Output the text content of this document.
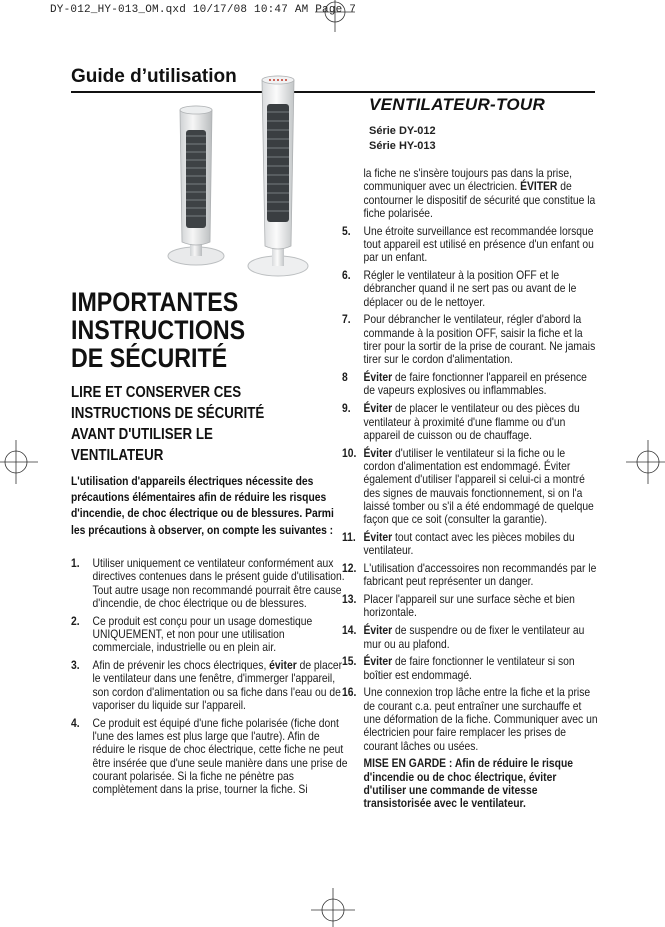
DY-012_HY-013_OM.qxd 10/17/08 10:47 AM Page 7
Guide d’utilisation
VENTILATEUR-TOUR
Série DY-012
Série HY-013
IMPORTANTES
INSTRUCTIONS
DE SÉCURITÉ
LIRE ET CONSERVER CES
INSTRUCTIONS DE SÉCURITÉ
AVANT D'UTILISER LE
VENTILATEUR
L'utilisation d'appareils électriques nécessite des précautions élémentaires afin de réduire les risques d'incendie, de choc électrique ou de blessures. Parmi les précautions à observer, on compte les suivantes :
1. Utiliser uniquement ce ventilateur conformément aux directives contenues dans le présent guide d'utilisation. Tout autre usage non recommandé pourrait être cause d'incendie, de choc électrique ou de blessures.
2. Ce produit est conçu pour un usage domestique UNIQUEMENT, et non pour une utilisation commerciale, industrielle ou en plein air.
3. Afin de prévenir les chocs électriques, éviter de placer le ventilateur dans une fenêtre, d'immerger l'appareil, son cordon d'alimentation ou sa fiche dans l'eau ou de vaporiser du liquide sur l'appareil.
4. Ce produit est équipé d'une fiche polarisée (fiche dont l'une des lames est plus large que l'autre). Afin de réduire le risque de choc électrique, cette fiche ne peut être insérée que d'une seule manière dans une prise de courant polarisée. Si la fiche ne pénètre pas complètement dans la prise, tourner la fiche. Si
la fiche ne s'insère toujours pas dans la prise, communiquer avec un électricien. ÉVITER de contourner le dispositif de sécurité que constitue la fiche polarisée.
5. Une étroite surveillance est recommandée lorsque tout appareil est utilisé en présence d'un enfant ou par un enfant.
6. Régler le ventilateur à la position OFF et le débrancher quand il ne sert pas ou avant de le déplacer ou de le nettoyer.
7. Pour débrancher le ventilateur, régler d'abord la commande à la position OFF, saisir la fiche et la tirer pour la sortir de la prise de courant. Ne jamais tirer sur le cordon d'alimentation.
8 Éviter de faire fonctionner l'appareil en présence de vapeurs explosives ou inflammables.
9. Éviter de placer le ventilateur ou des pièces du ventilateur à proximité d'une flamme ou d'un appareil de cuisson ou de chauffage.
10. Éviter d'utiliser le ventilateur si la fiche ou le cordon d'alimentation est endommagé. Éviter également d'utiliser l'appareil si celui-ci a montré des signes de mauvais fonctionnement, si on l'a laissé tomber ou s'il a été endommagé de quelque façon que ce soit (consulter la garantie).
11. Éviter tout contact avec les pièces mobiles du ventilateur.
12. L'utilisation d'accessoires non recommandés par le fabricant peut représenter un danger.
13. Placer l'appareil sur une surface sèche et bien horizontale.
14. Éviter de suspendre ou de fixer le ventilateur au mur ou au plafond.
15. Éviter de faire fonctionner le ventilateur si son boîtier est endommagé.
16. Une connexion trop lâche entre la fiche et la prise de courant c.a. peut entraîner une surchauffe et une déformation de la fiche. Communiquer avec un électricien pour faire remplacer les prises de courant lâches ou usées.
MISE EN GARDE : Afin de réduire le risque d'incendie ou de choc électrique, éviter d'utiliser une commande de vitesse transistorisée avec le ventilateur.
